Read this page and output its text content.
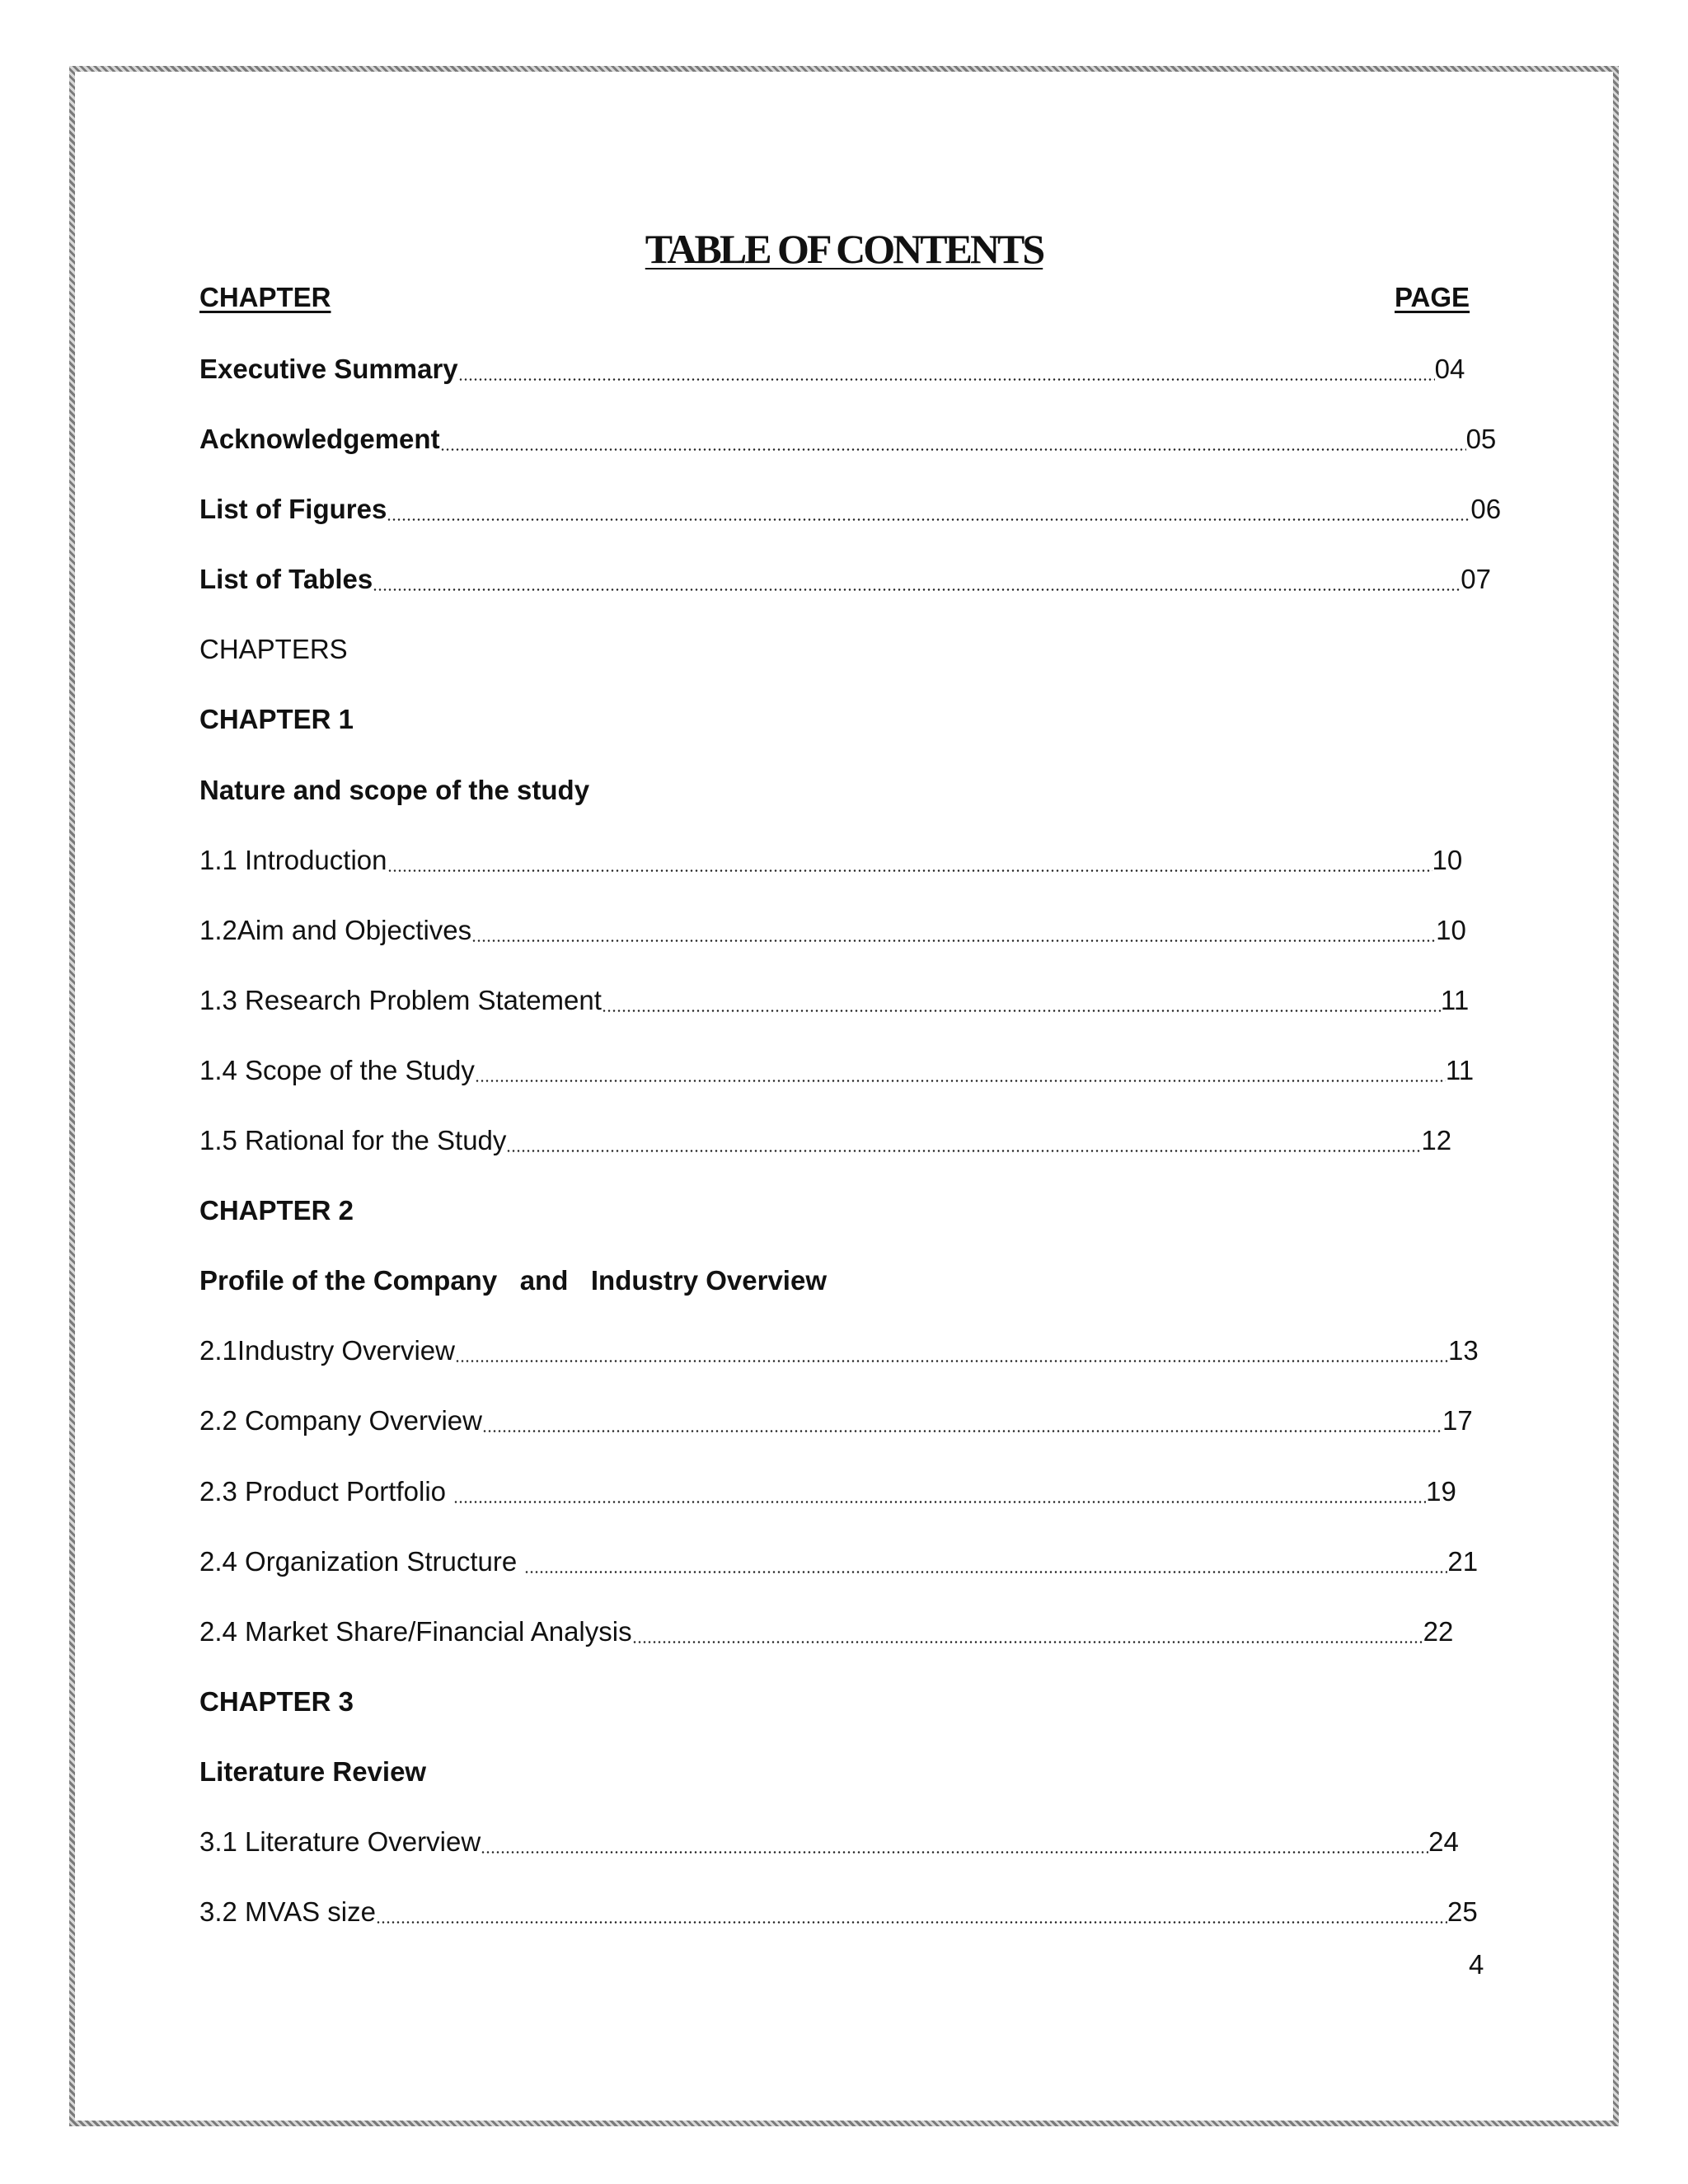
TABLE OF CONTENTS
CHAPTER	PAGE
Executive Summary	04
Acknowledgement	05
List of Figures	06
List of Tables	07
CHAPTERS
CHAPTER 1
Nature and scope of the study
1.1 Introduction	10
1.2Aim and Objectives	10
1.3 Research Problem Statement	11
1.4 Scope of the Study	11
1.5 Rational for the Study	12
CHAPTER 2
Profile of the Company   and   Industry Overview
2.1Industry Overview	13
2.2 Company Overview	17
2.3 Product Portfolio	19
2.4 Organization Structure	21
2.4 Market Share/Financial Analysis	22
CHAPTER 3
Literature Review
3.1 Literature Overview	24
3.2 MVAS size	25
4
